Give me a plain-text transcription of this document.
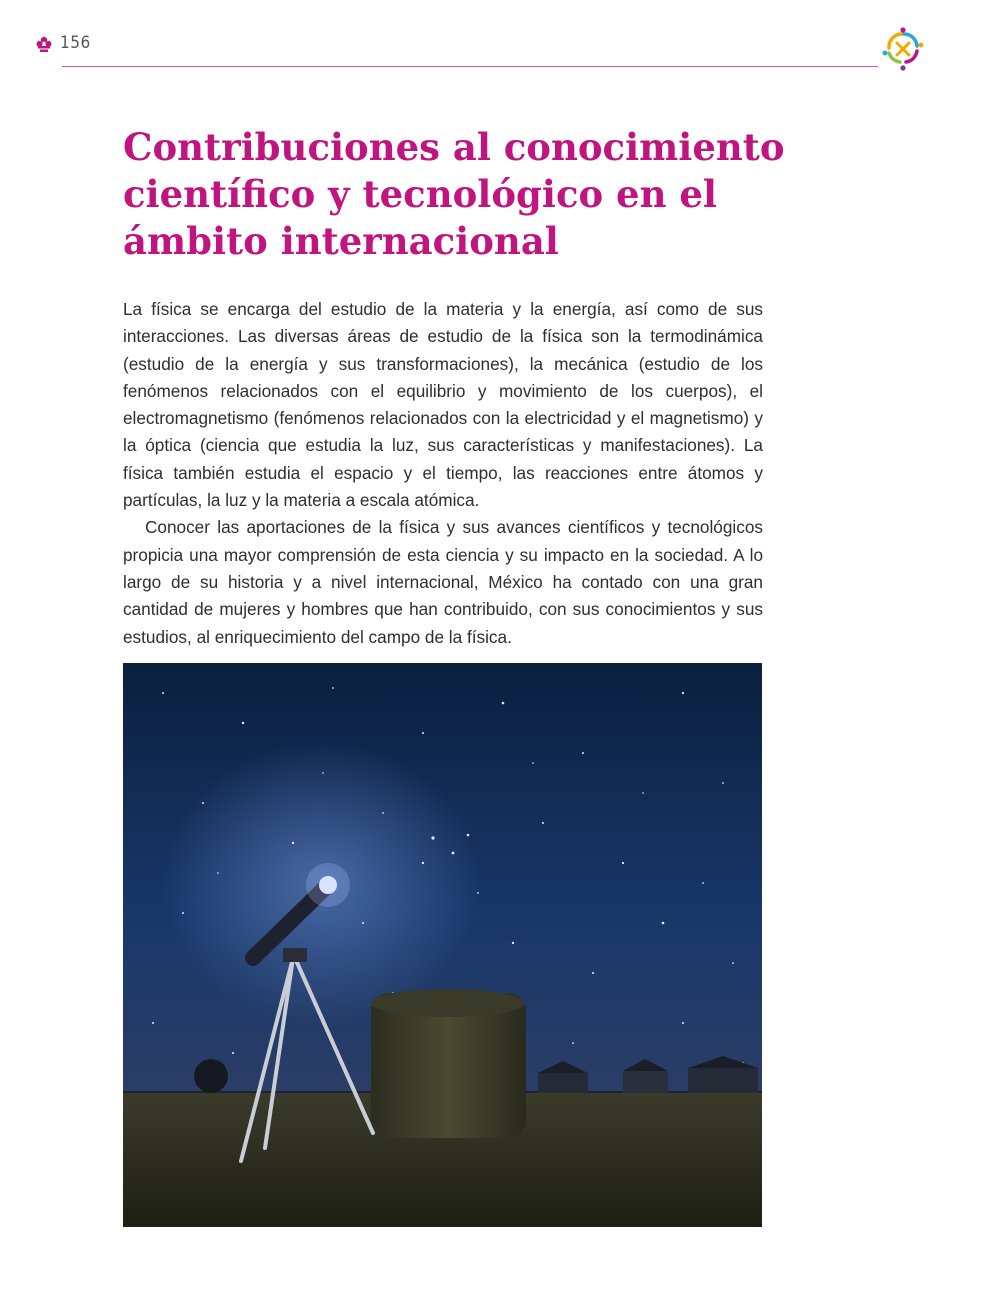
156
Contribuciones al conocimiento científico y tecnológico en el ámbito internacional

La física se encarga del estudio de la materia y la energía, así como de sus interacciones. Las diversas áreas de estudio de la física son la termodinámica (estudio de la energía y sus transformaciones), la mecánica (estudio de los fenómenos relacionados con el equilibrio y movimiento de los cuerpos), el electromagnetismo (fenómenos relacionados con la electricidad y el magnetismo) y la óptica (ciencia que estudia la luz, sus características y manifestaciones). La física también estudia el espacio y el tiempo, las reacciones entre átomos y partículas, la luz y la materia a escala atómica.

Conocer las aportaciones de la física y sus avances científicos y tecnológicos propicia una mayor comprensión de esta ciencia y su impacto en la sociedad. A lo largo de su historia y a nivel internacional, México ha contado con una gran cantidad de mujeres y hombres que han contribuido, con sus conocimientos y sus estudios, al enriquecimiento del campo de la física.
